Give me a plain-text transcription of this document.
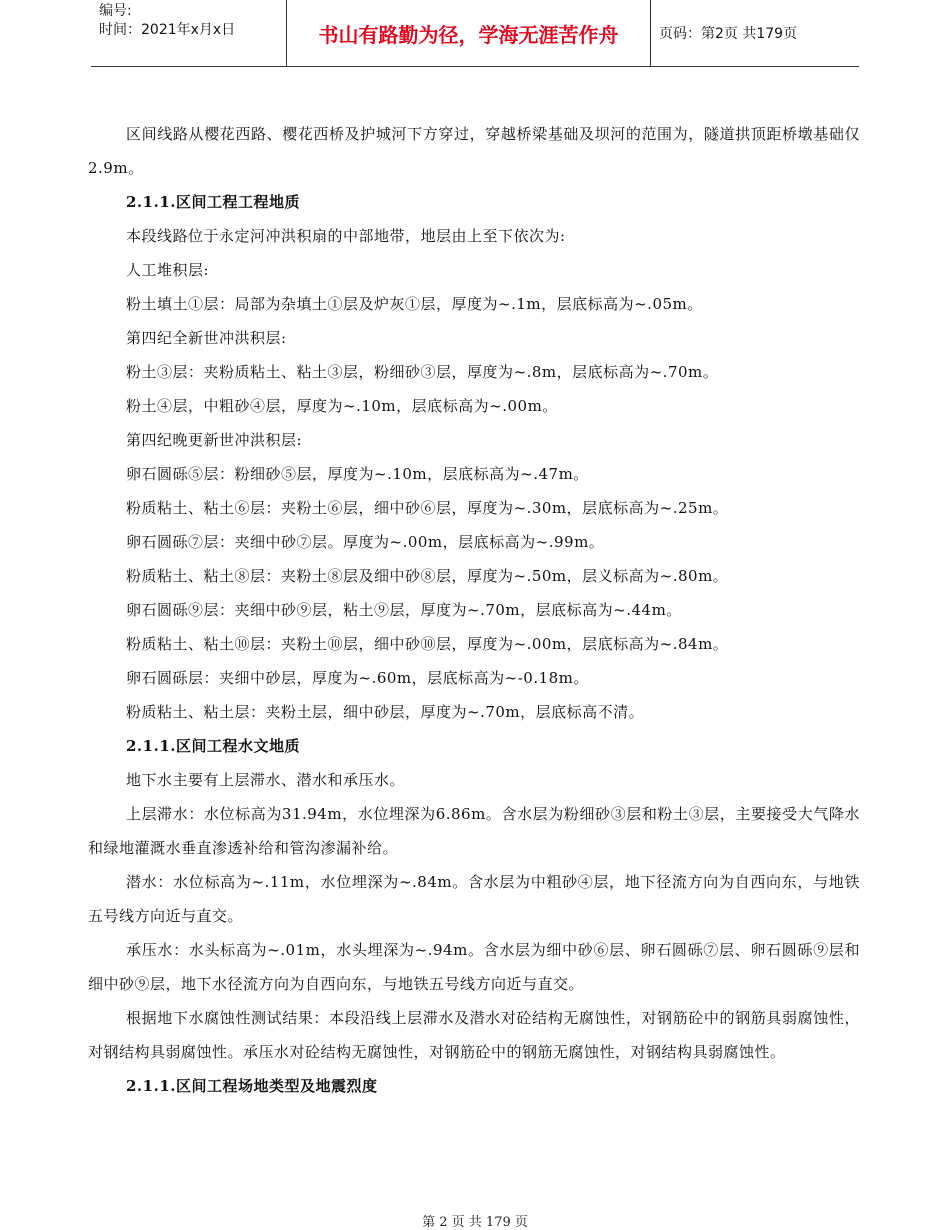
编号:
时间：2021年x月x日	书山有路勤为径，学海无涯苦作舟	页码：第2页 共179页

区间线路从樱花西路、樱花西桥及护城河下方穿过，穿越桥梁基础及坝河的范围为，隧道拱顶距桥墩基础仅2.9m。

2.1.1.区间工程工程地质

本段线路位于永定河冲洪积扇的中部地带，地层由上至下依次为:

人工堆积层:

粉土填土①层：局部为杂填土①层及炉灰①层，厚度为~.1m，层底标高为~.05m。

第四纪全新世冲洪积层:

粉土③层：夹粉质粘土、粘土③层，粉细砂③层，厚度为~.8m，层底标高为~.70m。

粉土④层，中粗砂④层，厚度为~.10m，层底标高为~.00m。

第四纪晚更新世冲洪积层:

卵石圆砾⑤层：粉细砂⑤层，厚度为~.10m，层底标高为~.47m。

粉质粘土、粘土⑥层：夹粉土⑥层，细中砂⑥层，厚度为~.30m，层底标高为~.25m。

卵石圆砾⑦层：夹细中砂⑦层。厚度为~.00m，层底标高为~.99m。

粉质粘土、粘土⑧层：夹粉土⑧层及细中砂⑧层，厚度为~.50m，层义标高为~.80m。

卵石圆砾⑨层：夹细中砂⑨层，粘土⑨层，厚度为~.70m，层底标高为~.44m。

粉质粘土、粘土⑩层：夹粉土⑩层，细中砂⑩层，厚度为~.00m，层底标高为~.84m。

卵石圆砾层：夹细中砂层，厚度为~.60m，层底标高为~-0.18m。

粉质粘土、粘土层：夹粉土层，细中砂层，厚度为~.70m，层底标高不清。

2.1.1.区间工程水文地质

地下水主要有上层滞水、潜水和承压水。

上层滞水：水位标高为31.94m，水位埋深为6.86m。含水层为粉细砂③层和粉土③层，主要接受大气降水和绿地灌溉水垂直渗透补给和管沟渗漏补给。

潜水：水位标高为~.11m，水位埋深为~.84m。含水层为中粗砂④层，地下径流方向为自西向东，与地铁五号线方向近与直交。

承压水：水头标高为~.01m，水头埋深为~.94m。含水层为细中砂⑥层、卵石圆砾⑦层、卵石圆砾⑨层和细中砂⑨层，地下水径流方向为自西向东，与地铁五号线方向近与直交。

根据地下水腐蚀性测试结果：本段沿线上层滞水及潜水对砼结构无腐蚀性，对钢筋砼中的钢筋具弱腐蚀性，对钢结构具弱腐蚀性。承压水对砼结构无腐蚀性，对钢筋砼中的钢筋无腐蚀性，对钢结构具弱腐蚀性。

2.1.1.区间工程场地类型及地震烈度

第 2 页 共 179 页
